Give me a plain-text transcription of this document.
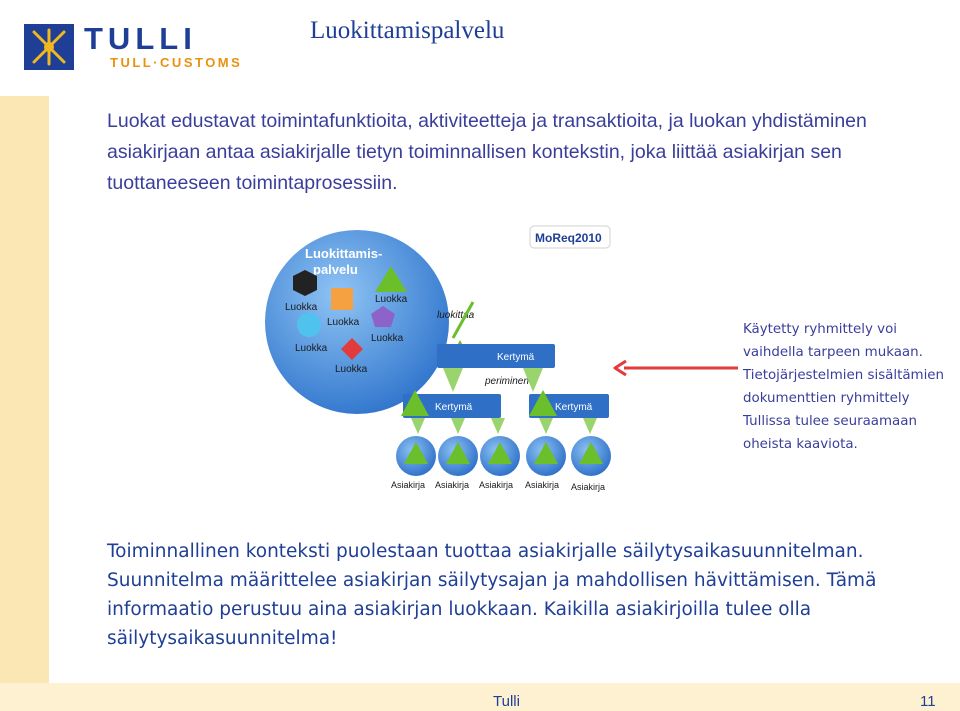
TULLI
TULL·CUSTOMS
Luokittamispalvelu
Luokat edustavat toimintafunktioita, aktiviteetteja ja transaktioita, ja luokan yhdistäminen asiakirjaan antaa asiakirjalle tietyn toiminnallisen kontekstin, joka liittää asiakirjan sen tuottaneeseen toimintaprosessiin.
MoReq2010
Luokittamis-
palvelu
Luokka
Luokka
Luokka
Luokka
Luokka
Luokka
luokittaa
Kertymä
periminen
Kertymä	Kertymä
Asiakirja Asiakirja Asiakirja Asiakirja Asiakirja
Käytetty ryhmittely voi vaihdella tarpeen mukaan. Tietojärjestelmien sisältämien dokumenttien ryhmittely Tullissa tulee seuraamaan oheista kaaviota.
Toiminnallinen konteksti puolestaan tuottaa asiakirjalle säilytysaikasuunnitelman. Suunnitelma määrittelee asiakirjan säilytysajan ja mahdollisen hävittämisen. Tämä informaatio perustuu aina asiakirjan luokkaan. Kaikilla asiakirjoilla tulee olla säilytysaikasuunnitelma!
Tulli	11
